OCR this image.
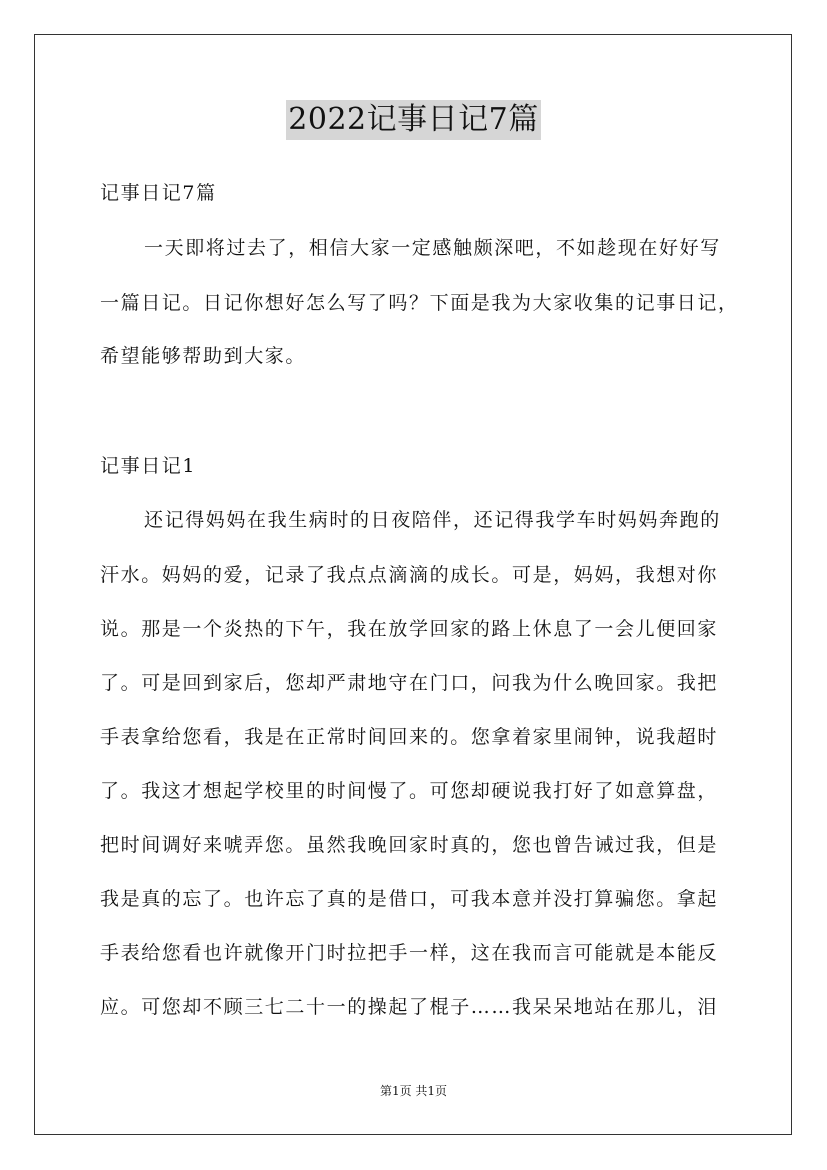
2022记事日记7篇
记事日记7篇
一天即将过去了，相信大家一定感触颇深吧，不如趁现在好好写
一篇日记。日记你想好怎么写了吗？下面是我为大家收集的记事日记，
希望能够帮助到大家。
记事日记1
还记得妈妈在我生病时的日夜陪伴，还记得我学车时妈妈奔跑的
汗水。妈妈的爱，记录了我点点滴滴的成长。可是，妈妈，我想对你
说。那是一个炎热的下午，我在放学回家的路上休息了一会儿便回家
了。可是回到家后，您却严肃地守在门口，问我为什么晚回家。我把
手表拿给您看，我是在正常时间回来的。您拿着家里闹钟，说我超时
了。我这才想起学校里的时间慢了。可您却硬说我打好了如意算盘，
把时间调好来唬弄您。虽然我晚回家时真的，您也曾告诫过我，但是
我是真的忘了。也许忘了真的是借口，可我本意并没打算骗您。拿起
手表给您看也许就像开门时拉把手一样，这在我而言可能就是本能反
应。可您却不顾三七二十一的操起了棍子……我呆呆地站在那儿，泪
第1页 共1页
